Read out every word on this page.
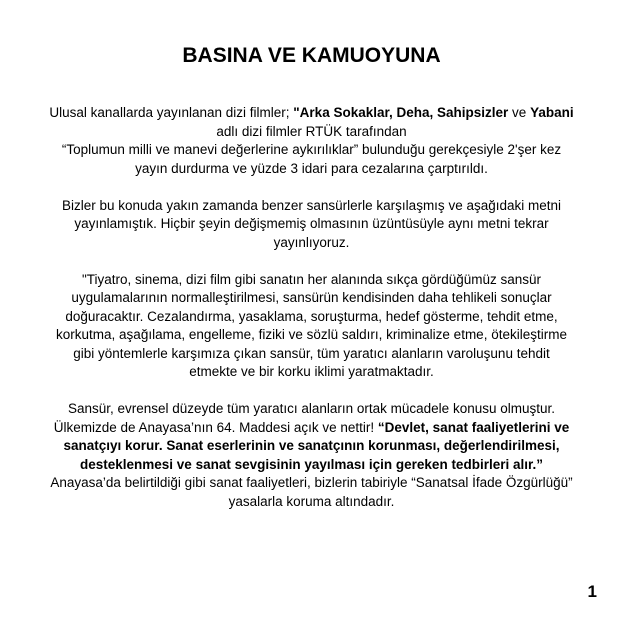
BASINA VE KAMUOYUNA
Ulusal kanallarda yayınlanan dizi filmler; "Arka Sokaklar, Deha, Sahipsizler ve Yabani
adlı dizi filmler RTÜK tarafından
“Toplumun milli ve manevi değerlerine aykırılıklar” bulunduğu gerekçesiyle 2'şer kez
yayın durdurma ve yüzde 3 idari para cezalarına çarptırıldı.
Bizler bu konuda yakın zamanda benzer sansürlerle karşılaşmış ve aşağıdaki metni
yayınlamıştık. Hiçbir şeyin değişmemiş olmasının üzüntüsüyle aynı metni tekrar
yayınlıyoruz.
"Tiyatro, sinema, dizi film gibi sanatın her alanında sıkça gördüğümüz sansür
uygulamalarının normalleştirilmesi, sansürün kendisinden daha tehlikeli sonuçlar
doğuracaktır. Cezalandırma, yasaklama, soruşturma, hedef gösterme, tehdit etme,
korkutma, aşağılama, engelleme, fiziki ve sözlü saldırı, kriminalize etme, ötekileştirme
gibi yöntemlerle karşımıza çıkan sansür, tüm yaratıcı alanların varoluşunu tehdit
etmekte ve bir korku iklimi yaratmaktadır.
Sansür, evrensel düzeyde tüm yaratıcı alanların ortak mücadele konusu olmuştur.
Ülkemizde de Anayasa’nın 64. Maddesi açık ve nettir! “Devlet, sanat faaliyetlerini ve
sanatçıyı korur. Sanat eserlerinin ve sanatçının korunması, değerlendirilmesi,
desteklenmesi ve sanat sevgisinin yayılması için gereken tedbirleri alır.”
Anayasa’da belirtildiği gibi sanat faaliyetleri, bizlerin tabiriyle “Sanatsal İfade Özgürlüğü”
yasalarla koruma altındadır.
1
